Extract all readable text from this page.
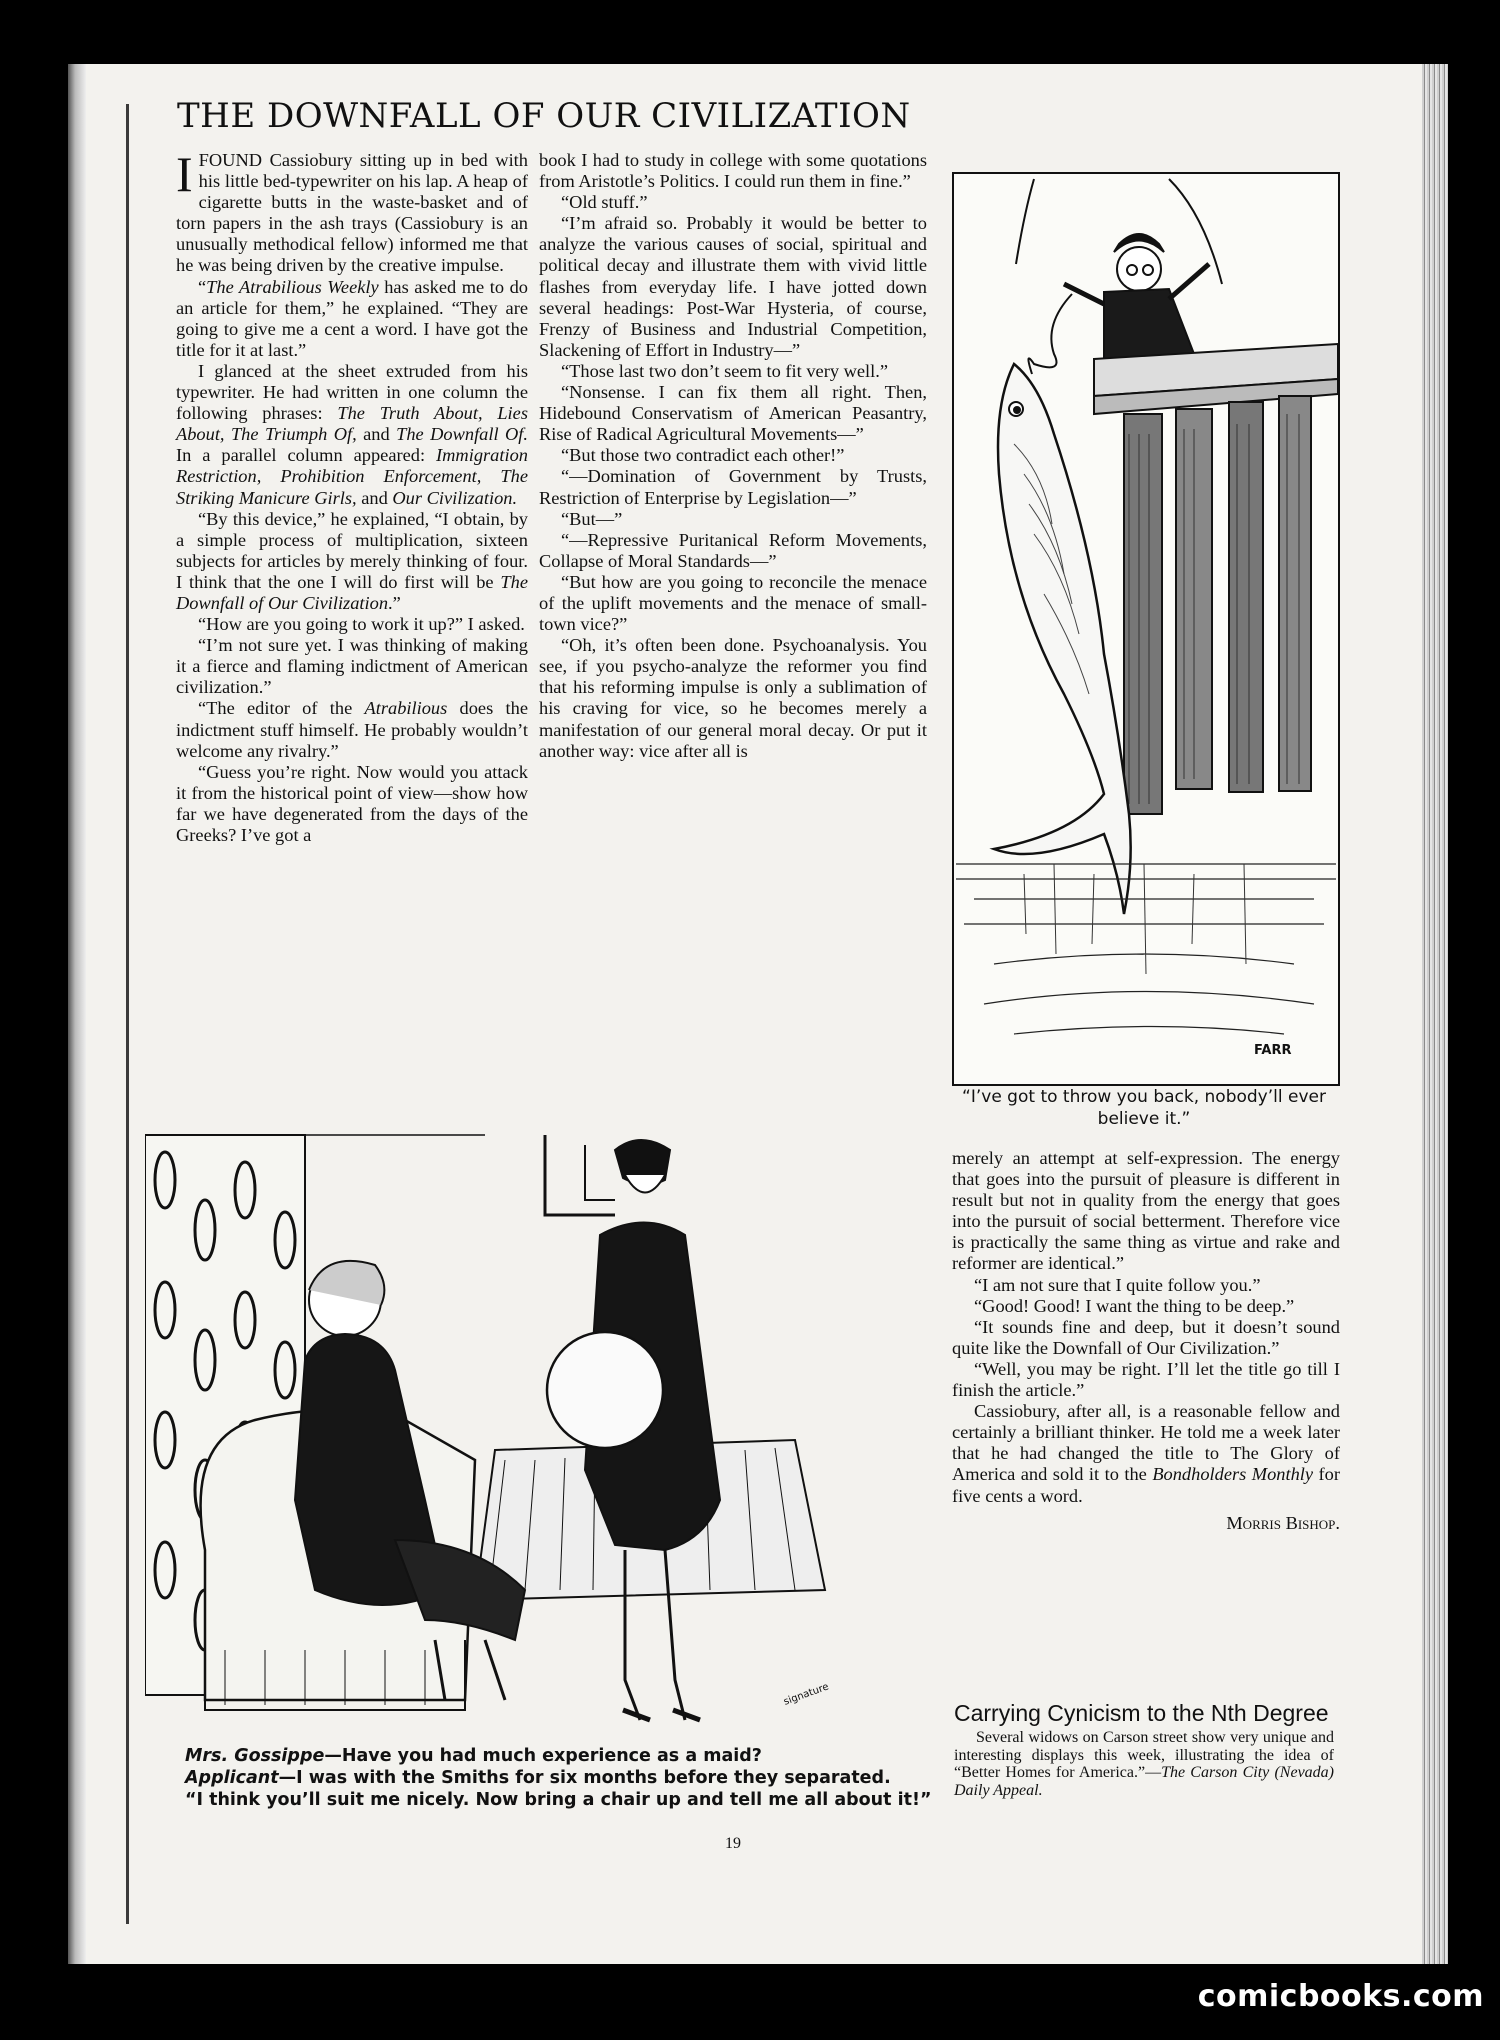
THE DOWNFALL OF OUR CIVILIZATION

IFOUND Cassiobury sitting up in bed with his little bed-typewriter on his lap. A heap of cigarette butts in the waste-basket and of torn papers in the ash trays (Cassiobury is an unusually methodical fellow) informed me that he was being driven by the creative impulse.

“The Atrabilious Weekly has asked me to do an article for them,” he explained. “They are going to give me a cent a word. I have got the title for it at last.”

I glanced at the sheet extruded from his typewriter. He had written in one column the following phrases: The Truth About, Lies About, The Triumph Of, and The Downfall Of. In a parallel column appeared: Immigration Restriction, Prohibition Enforcement, The Striking Manicure Girls, and Our Civilization.

“By this device,” he explained, “I obtain, by a simple process of multiplication, sixteen subjects for articles by merely thinking of four. I think that the one I will do first will be The Downfall of Our Civilization.”

“How are you going to work it up?” I asked.

“I’m not sure yet. I was thinking of making it a fierce and flaming indictment of American civilization.”

“The editor of the Atrabilious does the indictment stuff himself. He probably wouldn’t welcome any rivalry.”

“Guess you’re right. Now would you attack it from the historical point of view—show how far we have degenerated from the days of the Greeks? I’ve got a

book I had to study in college with some quotations from Aristotle’s Politics. I could run them in fine.”

“Old stuff.”

“I’m afraid so. Probably it would be better to analyze the various causes of social, spiritual and political decay and illustrate them with vivid little flashes from everyday life. I have jotted down several headings: Post-War Hysteria, of course, Frenzy of Business and Industrial Competition, Slackening of Effort in Industry—”

“Those last two don’t seem to fit very well.”

“Nonsense. I can fix them all right. Then, Hidebound Conservatism of American Peasantry, Rise of Radical Agricultural Movements—”

“But those two contradict each other!”

“—Domination of Government by Trusts, Restriction of Enterprise by Legislation—”

“But—”

“—Repressive Puritanical Reform Movements, Collapse of Moral Standards—”

“But how are you going to reconcile the menace of the uplift movements and the menace of small-town vice?”

“Oh, it’s often been done. Psychoanalysis. You see, if you psycho-analyze the reformer you find that his reforming impulse is only a sublimation of his craving for vice, so he becomes merely a manifestation of our general moral decay. Or put it another way: vice after all is

FARR
“I’ve got to throw you back, nobody’ll ever believe it.”
signature

Mrs. Gossippe—Have you had much experience as a maid?

Applicant—I was with the Smiths for six months before they separated.

“I think you’ll suit me nicely. Now bring a chair up and tell me all about it!”

merely an attempt at self-expression. The energy that goes into the pursuit of pleasure is different in result but not in quality from the energy that goes into the pursuit of social betterment. Therefore vice is practically the same thing as virtue and rake and reformer are identical.”

“I am not sure that I quite follow you.”

“Good! Good! I want the thing to be deep.”

“It sounds fine and deep, but it doesn’t sound quite like the Downfall of Our Civilization.”

“Well, you may be right. I’ll let the title go till I finish the article.”

Cassiobury, after all, is a reasonable fellow and certainly a brilliant thinker. He told me a week later that he had changed the title to The Glory of America and sold it to the Bondholders Monthly for five cents a word.

Morris Bishop.

Carrying Cynicism to the Nth Degree

Several widows on Carson street show very unique and interesting displays this week, illustrating the idea of “Better Homes for America.”—The Carson City (Nevada) Daily Appeal.

19
comicbooks.com
